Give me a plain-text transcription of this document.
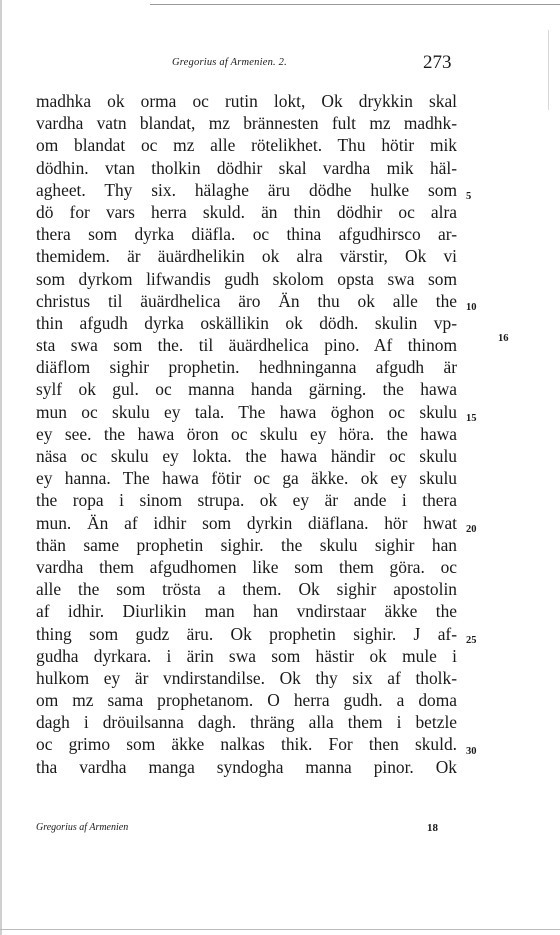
Gregorius af Armenien. 2.	273
madhka ok orma oc rutin lokt, Ok drykkin skal
vardha vatn blandat, mz brännesten fult mz madhk-
om blandat oc mz alle rötelikhet. Thu hötir mik
dödhin. vtan tholkin dödhir skal vardha mik häl-
agheet. Thy six. hälaghe äru dödhe hulke som
dö for vars herra skuld. än thin dödhir oc alra
thera som dyrka diäfla. oc thina afgudhirsco ar-
themidem. är äuärdhelikin ok alra värstir, Ok vi
som dyrkom lifwandis gudh skolom opsta swa som
christus til äuärdhelica äro Än thu ok alle the
thin afgudh dyrka oskällikin ok dödh. skulin vp-
sta swa som the. til äuärdhelica pino. Af thinom
diäflom sighir prophetin. hedhninganna afgudh är
sylf ok gul. oc manna handa gärning. the hawa
mun oc skulu ey tala. The hawa öghon oc skulu
ey see. the hawa öron oc skulu ey höra. the hawa
näsa oc skulu ey lokta. the hawa händir oc skulu
ey hanna. The hawa fötir oc ga äkke. ok ey skulu
the ropa i sinom strupa. ok ey är ande i thera
mun. Än af idhir som dyrkin diäflana. hör hwat
thän same prophetin sighir. the skulu sighir han
vardha them afgudhomen like som them göra. oc
alle the som trösta a them. Ok sighir apostolin
af idhir. Diurlikin man han vndirstaar äkke the
thing som gudz äru. Ok prophetin sighir. J af-
gudha dyrkara. i ärin swa som hästir ok mule i
hulkom ey är vndirstandilse. Ok thy six af tholk-
om mz sama prophetanom. O herra gudh. a doma
dagh i dröuilsanna dagh. thräng alla them i betzle
oc grimo som äkke nalkas thik. For then skuld.
tha vardha manga syndogha manna pinor. Ok
5
10
15
20
25
30
16
Gregorius af Armenien	18
